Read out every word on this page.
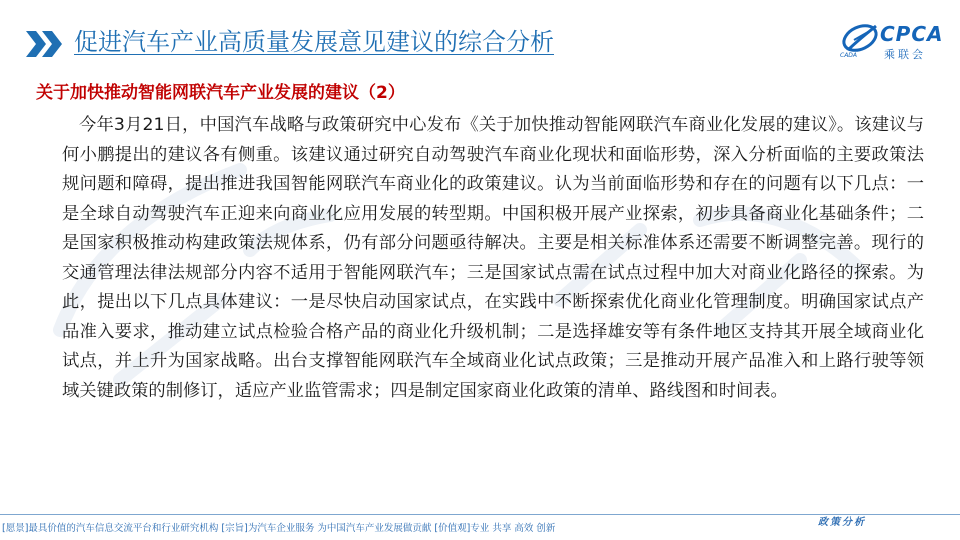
促进汽车产业高质量发展意见建议的综合分析	CPCA
乘联会
CADA
关于加快推动智能网联汽车产业发展的建议（2）
今年3月21日，中国汽车战略与政策研究中心发布《关于加快推动智能网联汽车商业化发展的建议》。该建议与何小鹏提出的建议各有侧重。该建议通过研究自动驾驶汽车商业化现状和面临形势，深入分析面临的主要政策法规问题和障碍，提出推进我国智能网联汽车商业化的政策建议。认为当前面临形势和存在的问题有以下几点：一是全球自动驾驶汽车正迎来向商业化应用发展的转型期。中国积极开展产业探索，初步具备商业化基础条件；二是国家积极推动构建政策法规体系，仍有部分问题亟待解决。主要是相关标准体系还需要不断调整完善。现行的交通管理法律法规部分内容不适用于智能网联汽车；三是国家试点需在试点过程中加大对商业化路径的探索。为此，提出以下几点具体建议：一是尽快启动国家试点，在实践中不断探索优化商业化管理制度。明确国家试点产品准入要求，推动建立试点检验合格产品的商业化升级机制；二是选择雄安等有条件地区支持其开展全域商业化试点，并上升为国家战略。出台支撑智能网联汽车全域商业化试点政策；三是推动开展产品准入和上路行驶等领域关键政策的制修订，适应产业监管需求；四是制定国家商业化政策的清单、路线图和时间表。
[愿景]最具价值的汽车信息交流平台和行业研究机构 [宗旨]为汽车企业服务 为中国汽车产业发展做贡献 [价值观]专业 共享 高效 创新
政策分析
